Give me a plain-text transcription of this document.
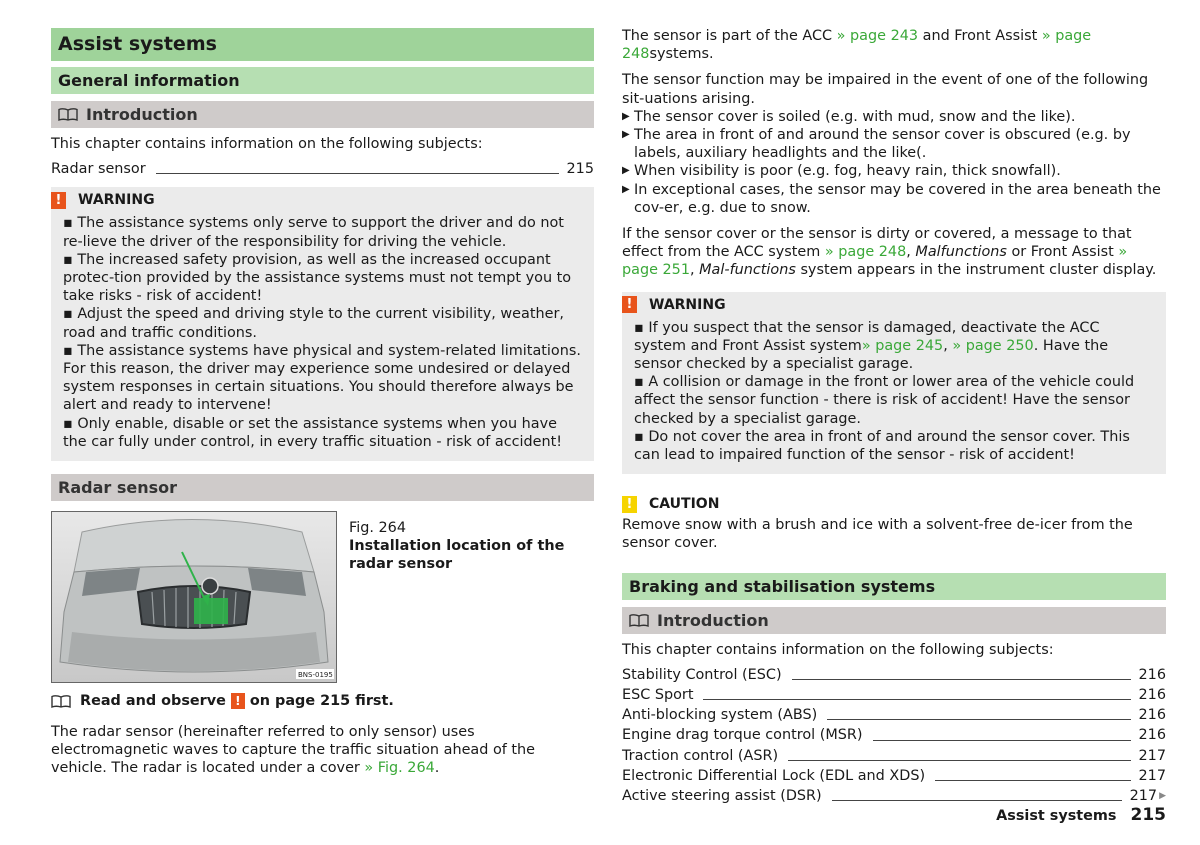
Assist systems
General information
Introduction

This chapter contains information on the following subjects:

Radar sensor	215
!	WARNING

▪ The assistance systems only serve to support the driver and do not re-lieve the driver of the responsibility for driving the vehicle.

▪ The increased safety provision, as well as the increased occupant protec-tion provided by the assistance systems must not tempt you to take risks - risk of accident!

▪ Adjust the speed and driving style to the current visibility, weather, road and traffic conditions.

▪ The assistance systems have physical and system-related limitations. For this reason, the driver may experience some undesired or delayed system responses in certain situations. You should therefore always be alert and ready to intervene!

▪ Only enable, disable or set the assistance systems when you have the car fully under control, in every traffic situation - risk of accident!

Radar sensor
BNS-0195
Fig. 264
Installation location of the radar sensor
Read and observe ! on page 215 first.

The radar sensor (hereinafter referred to only sensor) uses electromagnetic waves to capture the traffic situation ahead of the vehicle. The radar is located under a cover » Fig. 264.

The sensor is part of the ACC » page 243 and Front Assist » page 248systems.

The sensor function may be impaired in the event of one of the following sit-uations arising.

▶ The sensor cover is soiled (e.g. with mud, snow and the like).
▶ The area in front of and around the sensor cover is obscured (e.g. by labels, auxiliary headlights and the like(.
▶ When visibility is poor (e.g. fog, heavy rain, thick snowfall).
▶ In exceptional cases, the sensor may be covered in the area beneath the cov-er, e.g. due to snow.

If the sensor cover or the sensor is dirty or covered, a message to that effect from the ACC system » page 248, Malfunctions or Front Assist » page 251, Mal-functions system appears in the instrument cluster display.

!	WARNING

▪ If you suspect that the sensor is damaged, deactivate the ACC system and Front Assist system» page 245, » page 250. Have the sensor checked by a specialist garage.

▪ A collision or damage in the front or lower area of the vehicle could affect the sensor function - there is risk of accident! Have the sensor checked by a specialist garage.

▪ Do not cover the area in front of and around the sensor cover. This can lead to impaired function of the sensor - risk of accident!

!	CAUTION

Remove snow with a brush and ice with a solvent-free de-icer from the sensor cover.

Braking and stabilisation systems
Introduction

This chapter contains information on the following subjects:

Stability Control (ESC)	216
ESC Sport	216
Anti-blocking system (ABS)	216
Engine drag torque control (MSR)	216
Traction control (ASR)	217
Electronic Differential Lock (EDL and XDS)	217
Active steering assist (DSR)	217 ▶
Assist systems 215
